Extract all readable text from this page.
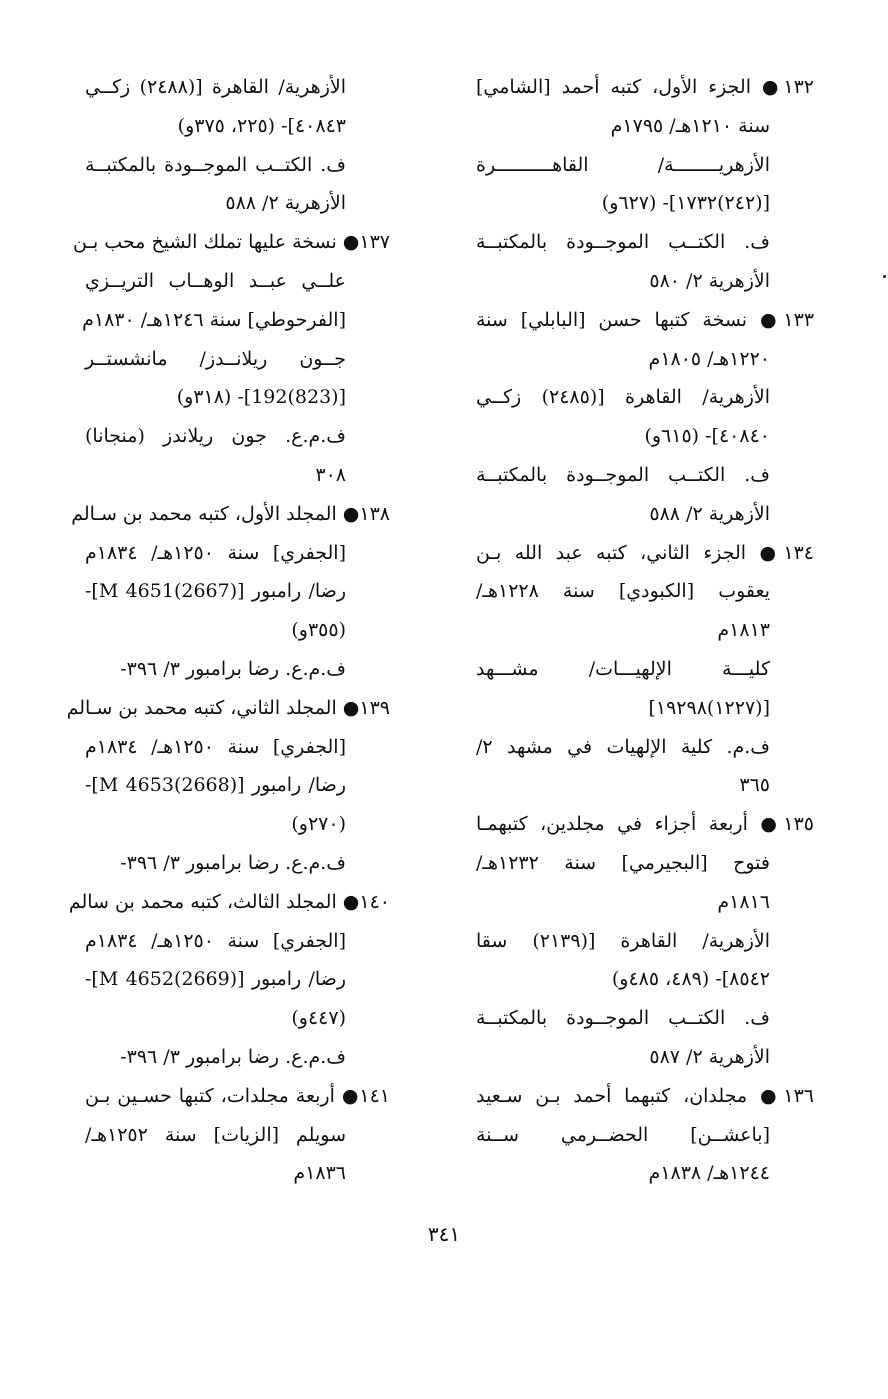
١٣٢● الجزء الأول، كتبه أحمد [الشامي]
سنة ١٢١٠هـ/ ١٧٩٥م
الأزهريــــــــة/ القاهــــــــــرة
[(٢٤٢)١٧٣٢]- (٦٢٧و)
ف. الكتــب الموجــودة بالمكتبــة
الأزهرية ٢/ ٥٨٠
١٣٣● نسخة كتبها حسن [البابلي] سنة
١٢٢٠هـ/ ١٨٠٥م
الأزهرية/ القاهرة [(٢٤٨٥) زكــي
٤٠٨٤٠]- (٦١٥و)
ف. الكتــب الموجــودة بالمكتبــة
الأزهرية ٢/ ٥٨٨
١٣٤● الجزء الثاني، كتبه عبد الله بـن
يعقوب [الكبودي] سنة ١٢٢٨هـ/
١٨١٣م
كليـــة الإلهيـــات/ مشـــهد
[(١٢٢٧)١٩٢٩٨]
ف.م. كلية الإلهيات في مشهد ٢/
٣٦٥
١٣٥● أربعة أجزاء في مجلدين، كتبهمـا
فتوح [البجيرمي] سنة ١٢٣٢هـ/
١٨١٦م
الأزهرية/ القاهرة [(٢١٣٩) سقا
٨٥٤٢]- (٤٨٩، ٤٨٥و)
ف. الكتــب الموجــودة بالمكتبــة
الأزهرية ٢/ ٥٨٧
١٣٦● مجلدان، كتبهما أحمد بـن سـعيد
[باعشــن] الحضــرمي ســنة
١٢٤٤هـ/ ١٨٣٨م
الأزهرية/ القاهرة [(٢٤٨٨) زكــي
٤٠٨٤٣]- (٢٢٥، ٣٧٥و)
ف. الكتــب الموجــودة بالمكتبــة
الأزهرية ٢/ ٥٨٨
١٣٧● نسخة عليها تملك الشيخ محب بـن
علــي عبــد الوهــاب التريــزي
[الفرحوطي] سنة ١٢٤٦هـ/ ١٨٣٠م
جــون ريلانــدز/ مانشستــر
[(823)192]- (٣١٨و)
ف.م.ع. جون ريلاندز (منجانا)
٣٠٨
١٣٨● المجلد الأول، كتبه محمد بن سـالم
[الجفري] سنة ١٢٥٠هـ/ ١٨٣٤م
رضا/ رامبور [M 4651(2667)]-
(٣٥٥و)
ف.م.ع. رضا برامبور ٣/ ٣٩٦-
١٣٩● المجلد الثاني، كتبه محمد بن سـالم
[الجفري] سنة ١٢٥٠هـ/ ١٨٣٤م
رضا/ رامبور [M 4653(2668)]-
(٢٧٠و)
ف.م.ع. رضا برامبور ٣/ ٣٩٦-
١٤٠● المجلد الثالث، كتبه محمد بن سالم
[الجفري] سنة ١٢٥٠هـ/ ١٨٣٤م
رضا/ رامبور [M 4652(2669)]-
(٤٤٧و)
ف.م.ع. رضا برامبور ٣/ ٣٩٦-
١٤١● أربعة مجلدات، كتبها حسـين بـن
سويلم [الزيات] سنة ١٢٥٢هـ/
١٨٣٦م
٣٤١
